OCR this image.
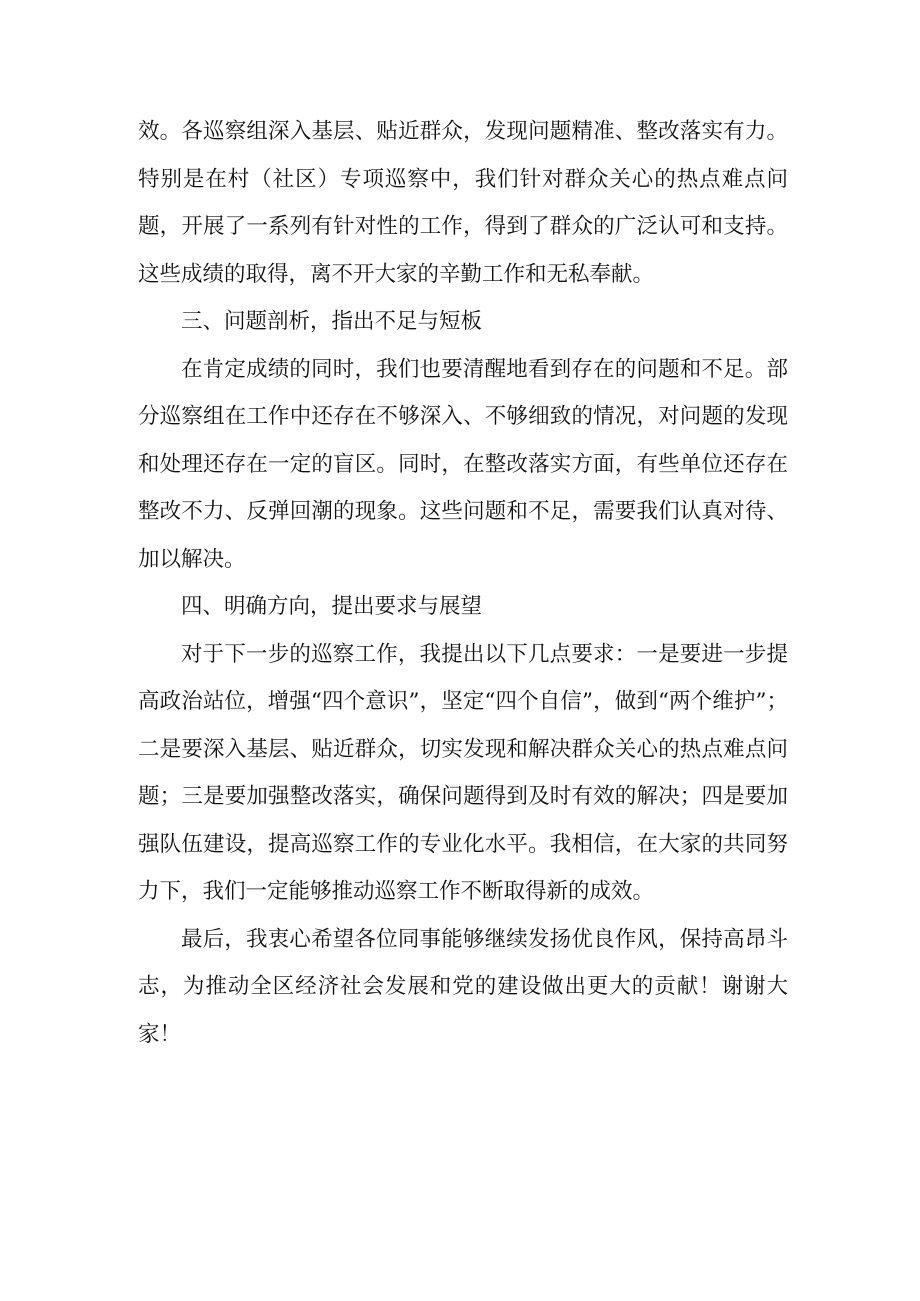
效。各巡察组深入基层、贴近群众，发现问题精准、整改落实有力。特别是在村（社区）专项巡察中，我们针对群众关心的热点难点问题，开展了一系列有针对性的工作，得到了群众的广泛认可和支持。这些成绩的取得，离不开大家的辛勤工作和无私奉献。

三、问题剖析，指出不足与短板

在肯定成绩的同时，我们也要清醒地看到存在的问题和不足。部分巡察组在工作中还存在不够深入、不够细致的情况，对问题的发现和处理还存在一定的盲区。同时，在整改落实方面，有些单位还存在整改不力、反弹回潮的现象。这些问题和不足，需要我们认真对待、加以解决。

四、明确方向，提出要求与展望

对于下一步的巡察工作，我提出以下几点要求：一是要进一步提高政治站位，增强“四个意识”，坚定“四个自信”，做到“两个维护”；二是要深入基层、贴近群众，切实发现和解决群众关心的热点难点问题；三是要加强整改落实，确保问题得到及时有效的解决；四是要加强队伍建设，提高巡察工作的专业化水平。我相信，在大家的共同努力下，我们一定能够推动巡察工作不断取得新的成效。

最后，我衷心希望各位同事能够继续发扬优良作风，保持高昂斗志，为推动全区经济社会发展和党的建设做出更大的贡献！谢谢大家！
